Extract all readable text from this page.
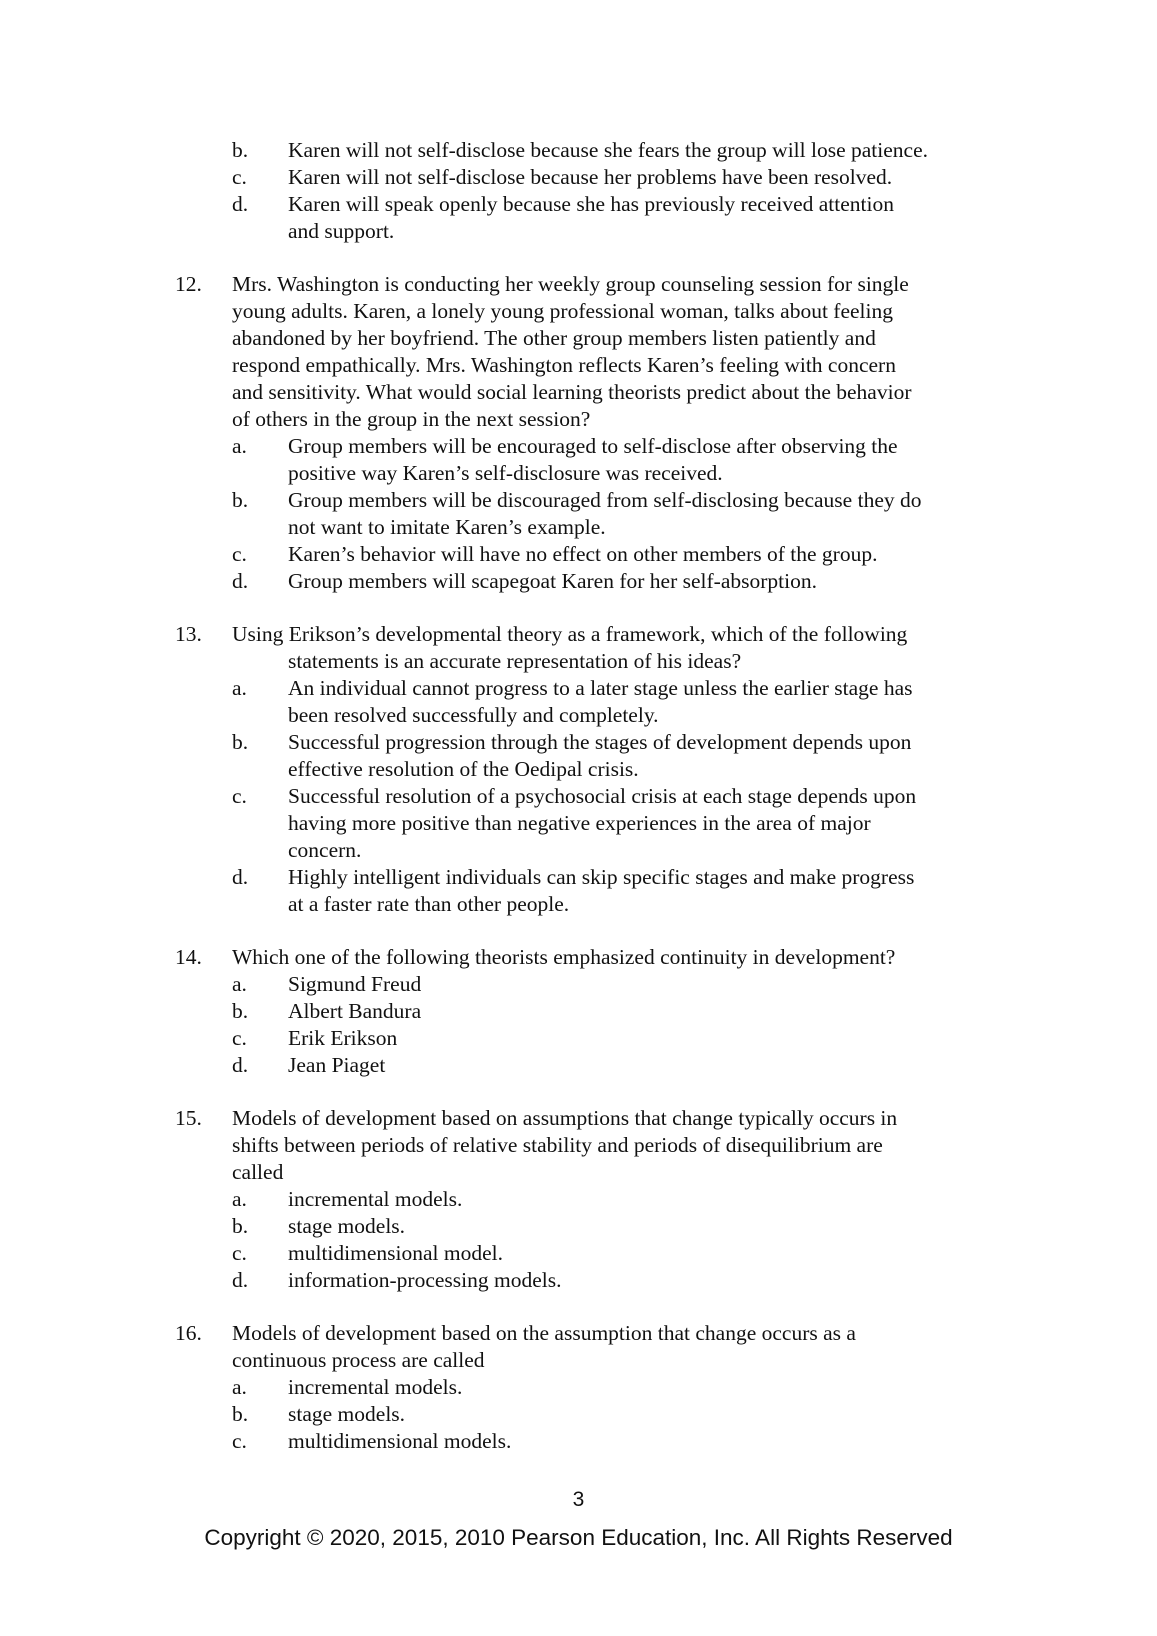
b. Karen will not self-disclose because she fears the group will lose patience.
c. Karen will not self-disclose because her problems have been resolved.
d. Karen will speak openly because she has previously received attention
and support.
12. Mrs. Washington is conducting her weekly group counseling session for single
young adults. Karen, a lonely young professional woman, talks about feeling
abandoned by her boyfriend. The other group members listen patiently and
respond empathically. Mrs. Washington reflects Karen’s feeling with concern
and sensitivity. What would social learning theorists predict about the behavior
of others in the group in the next session?
a. Group members will be encouraged to self-disclose after observing the
positive way Karen’s self-disclosure was received.
b. Group members will be discouraged from self-disclosing because they do
not want to imitate Karen’s example.
c. Karen’s behavior will have no effect on other members of the group.
d. Group members will scapegoat Karen for her self-absorption.
13. Using Erikson’s developmental theory as a framework, which of the following
statements is an accurate representation of his ideas?
a. An individual cannot progress to a later stage unless the earlier stage has
been resolved successfully and completely.
b. Successful progression through the stages of development depends upon
effective resolution of the Oedipal crisis.
c. Successful resolution of a psychosocial crisis at each stage depends upon
having more positive than negative experiences in the area of major
concern.
d. Highly intelligent individuals can skip specific stages and make progress
at a faster rate than other people.
14. Which one of the following theorists emphasized continuity in development?
a. Sigmund Freud
b. Albert Bandura
c. Erik Erikson
d. Jean Piaget
15. Models of development based on assumptions that change typically occurs in
shifts between periods of relative stability and periods of disequilibrium are
called
a. incremental models.
b. stage models.
c. multidimensional model.
d. information-processing models.
16. Models of development based on the assumption that change occurs as a
continuous process are called
a. incremental models.
b. stage models.
c. multidimensional models.
3
Copyright © 2020, 2015, 2010 Pearson Education, Inc. All Rights Reserved
